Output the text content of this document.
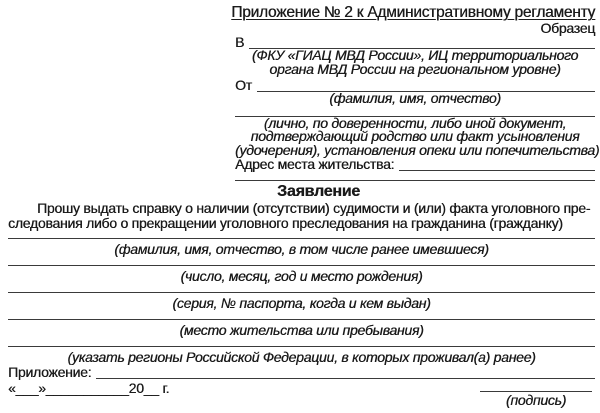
Приложение № 2 к Административному регламенту
Образец
В
(ФКУ «ГИАЦ МВД России», ИЦ территориального
органа МВД России на региональном уровне)
От
(фамилия, имя, отчество)
(лично, по доверенности, либо иной документ,
подтверждающий родство или факт усыновления
(удочерения), установления опеки или попечительства)
Адрес места жительства:
Заявление
Прошу выдать справку о наличии (отсутствии) судимости и (или) факта уголовного пре-
следования либо о прекращении уголовного преследования на гражданина (гражданку)
(фамилия, имя, отчество, в том числе ранее имевшиеся)
(число, месяц, год и место рождения)
(серия, № паспорта, когда и кем выдан)
(место жительства или пребывания)
(указать регионы Российской Федерации, в которых проживал(а) ранее)
Приложение:
«___»___________20__ г.
(подпись)
